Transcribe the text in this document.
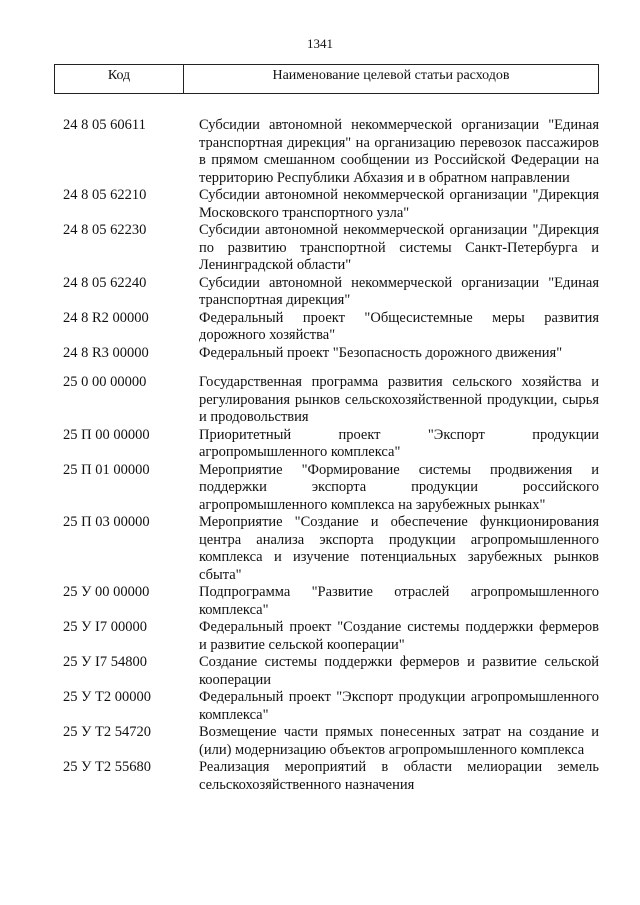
1341
Код	Наименование целевой статьи расходов
24 8 05 60611	Субсидии автономной некоммерческой организации "Единая транспортная дирекция" на организацию перевозок пассажиров в прямом смешанном сообщении из Российской Федерации на территорию Республики Абхазия и в обратном направлении
24 8 05 62210	Субсидии автономной некоммерческой организации "Дирекция Московского транспортного узла"
24 8 05 62230	Субсидии автономной некоммерческой организации "Дирекция по развитию транспортной системы Санкт-Петербурга и Ленинградской области"
24 8 05 62240	Субсидии автономной некоммерческой организации "Единая транспортная дирекция"
24 8 R2 00000	Федеральный проект "Общесистемные меры развития дорожного хозяйства"
24 8 R3 00000	Федеральный проект "Безопасность дорожного движения"
25 0 00 00000	Государственная программа развития сельского хозяйства и регулирования рынков сельскохозяйственной продукции, сырья и продовольствия
25 П 00 00000	Приоритетный проект "Экспорт продукции агропромышленного комплекса"
25 П 01 00000	Мероприятие "Формирование системы продвижения и поддержки экспорта продукции российского агропромышленного комплекса на зарубежных рынках"
25 П 03 00000	Мероприятие "Создание и обеспечение функционирования центра анализа экспорта продукции агропромышленного комплекса и изучение потенциальных зарубежных рынков сбыта"
25 У 00 00000	Подпрограмма "Развитие отраслей агропромышленного комплекса"
25 У I7 00000	Федеральный проект "Создание системы поддержки фермеров и развитие сельской кооперации"
25 У I7 54800	Создание системы поддержки фермеров и развитие сельской кооперации
25 У T2 00000	Федеральный проект "Экспорт продукции агропромышленного комплекса"
25 У T2 54720	Возмещение части прямых понесенных затрат на создание и (или) модернизацию объектов агропромышленного комплекса
25 У T2 55680	Реализация мероприятий в области мелиорации земель сельскохозяйственного назначения
